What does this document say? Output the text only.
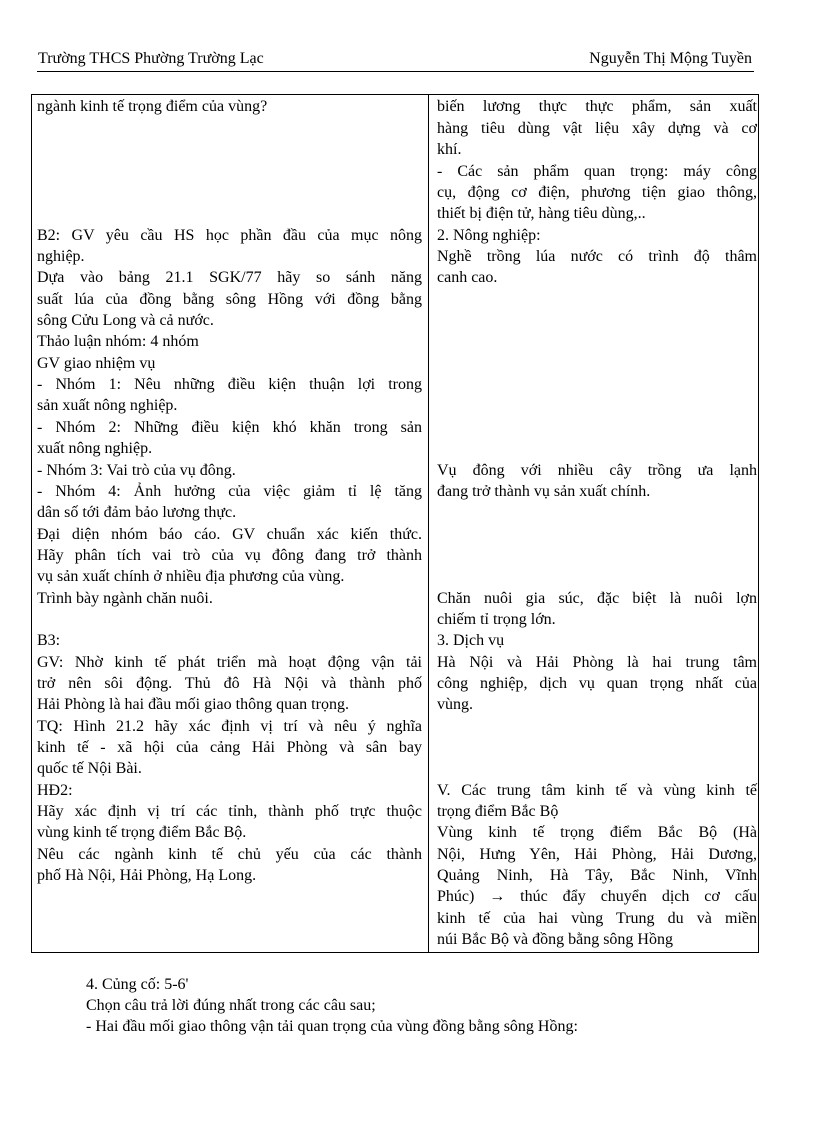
Trường THCS Phường Trường Lạc	Nguyễn Thị Mộng Tuyền
ngành kinh tế trọng điểm của vùng?
B2: GV yêu cầu HS học phần đầu của mục nông
nghiệp.
Dựa vào bảng 21.1 SGK/77 hãy so sánh năng
suất lúa của đồng bằng sông Hồng với đồng bằng
sông Cửu Long và cả nước.
Thảo luận nhóm: 4 nhóm
GV giao nhiệm vụ
- Nhóm 1: Nêu những điều kiện thuận lợi trong
sản xuất nông nghiệp.
- Nhóm 2: Những điều kiện khó khăn trong sản
xuất nông nghiệp.
- Nhóm 3: Vai trò của vụ đông.
- Nhóm 4: Ảnh hưởng của việc giảm tỉ lệ tăng
dân số tới đảm bảo lương thực.
Đại diện nhóm báo cáo. GV chuẩn xác kiến thức.
Hãy phân tích vai trò của vụ đông đang trở thành
vụ sản xuất chính ở nhiều địa phương của vùng.
Trình bày ngành chăn nuôi.
B3:
GV: Nhờ kinh tế phát triển mà hoạt động vận tải
trở nên sôi động. Thủ đô Hà Nội và thành phố
Hải Phòng là hai đầu mối giao thông quan trọng.
TQ: Hình 21.2 hãy xác định vị trí và nêu ý nghĩa
kinh tế - xã hội của cảng Hải Phòng và sân bay
quốc tế Nội Bài.
HĐ2:
Hãy xác định vị trí các tỉnh, thành phố trực thuộc
vùng kinh tế trọng điểm Bắc Bộ.
Nêu các ngành kinh tế chủ yếu của các thành
phố Hà Nội, Hải Phòng, Hạ Long.
biến lương thực thực phẩm, sản xuất
hàng tiêu dùng vật liệu xây dựng và cơ
khí.
- Các sản phẩm quan trọng: máy công
cụ, động cơ điện, phương tiện giao thông,
thiết bị điện tử, hàng tiêu dùng,..
2. Nông nghiệp:
Nghề trồng lúa nước có trình độ thâm
canh cao.
Vụ đông với nhiều cây trồng ưa lạnh
đang trở thành vụ sản xuất chính.
Chăn nuôi gia súc, đặc biệt là nuôi lợn
chiếm tỉ trọng lớn.
3. Dịch vụ
Hà Nội và Hải Phòng là hai trung tâm
công nghiệp, dịch vụ quan trọng nhất của
vùng.
V. Các trung tâm kinh tế và vùng kinh tế
trọng điểm Bắc Bộ
Vùng kinh tế trọng điểm Bắc Bộ (Hà
Nội, Hưng Yên, Hải Phòng, Hải Dương,
Quảng Ninh, Hà Tây, Bắc Ninh, Vĩnh
Phúc) → thúc đẩy chuyển dịch cơ cấu
kinh tế của hai vùng Trung du và miền
núi Bắc Bộ và đồng bằng sông Hồng
4. Củng cố: 5-6'
Chọn câu trả lời đúng nhất trong các câu sau;
- Hai đầu mối giao thông vận tải quan trọng của vùng đồng bằng sông Hồng:
